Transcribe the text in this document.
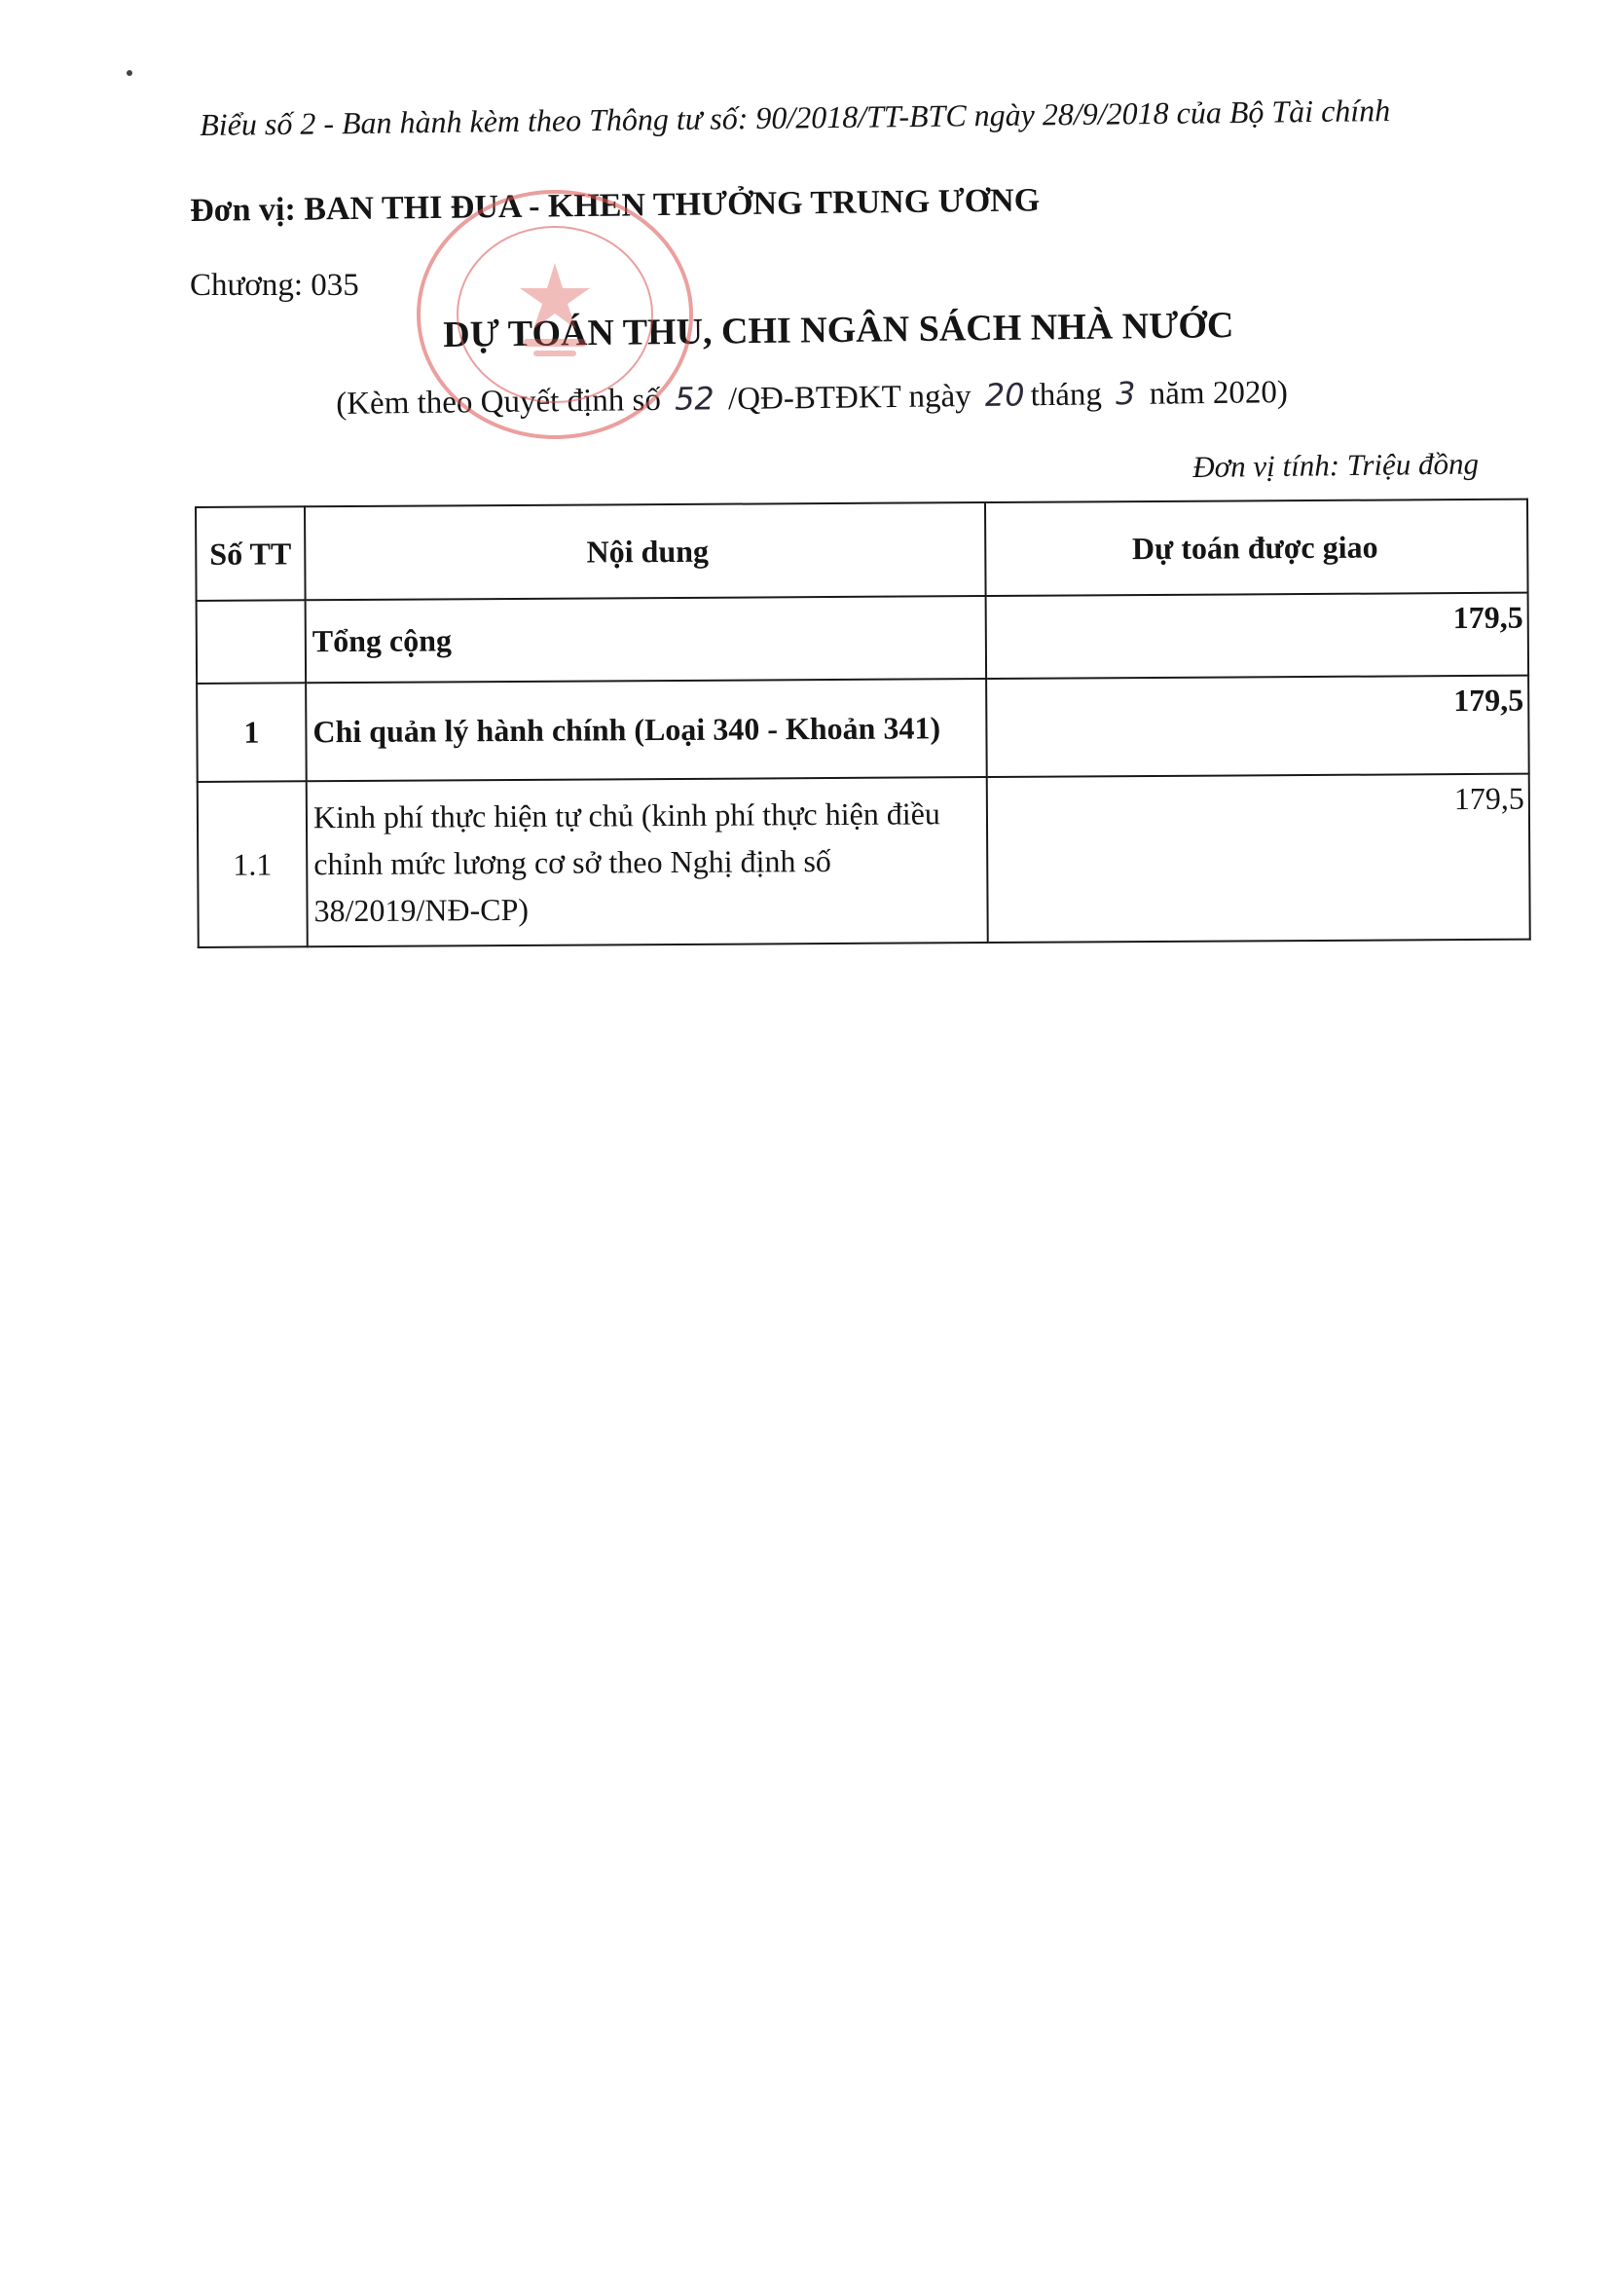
Biểu số 2 - Ban hành kèm theo Thông tư số: 90/2018/TT-BTC ngày 28/9/2018 của Bộ Tài chính
Đơn vị: BAN THI ĐUA - KHEN THƯỞNG TRUNG ƯƠNG
Chương: 035
DỰ TOÁN THU, CHI NGÂN SÁCH NHÀ NƯỚC
(Kèm theo Quyết định số 52 /QĐ-BTĐKT ngày 20 tháng 3 năm 2020)
Đơn vị tính: Triệu đồng
Số TT	Nội dung	Dự toán được giao
	Tổng cộng	179,5
1	Chi quản lý hành chính (Loại 340 - Khoản 341)	179,5
1.1	Kinh phí thực hiện tự chủ (kinh phí thực hiện điều chỉnh mức lương cơ sở theo Nghị định số 38/2019/NĐ-CP)	179,5
